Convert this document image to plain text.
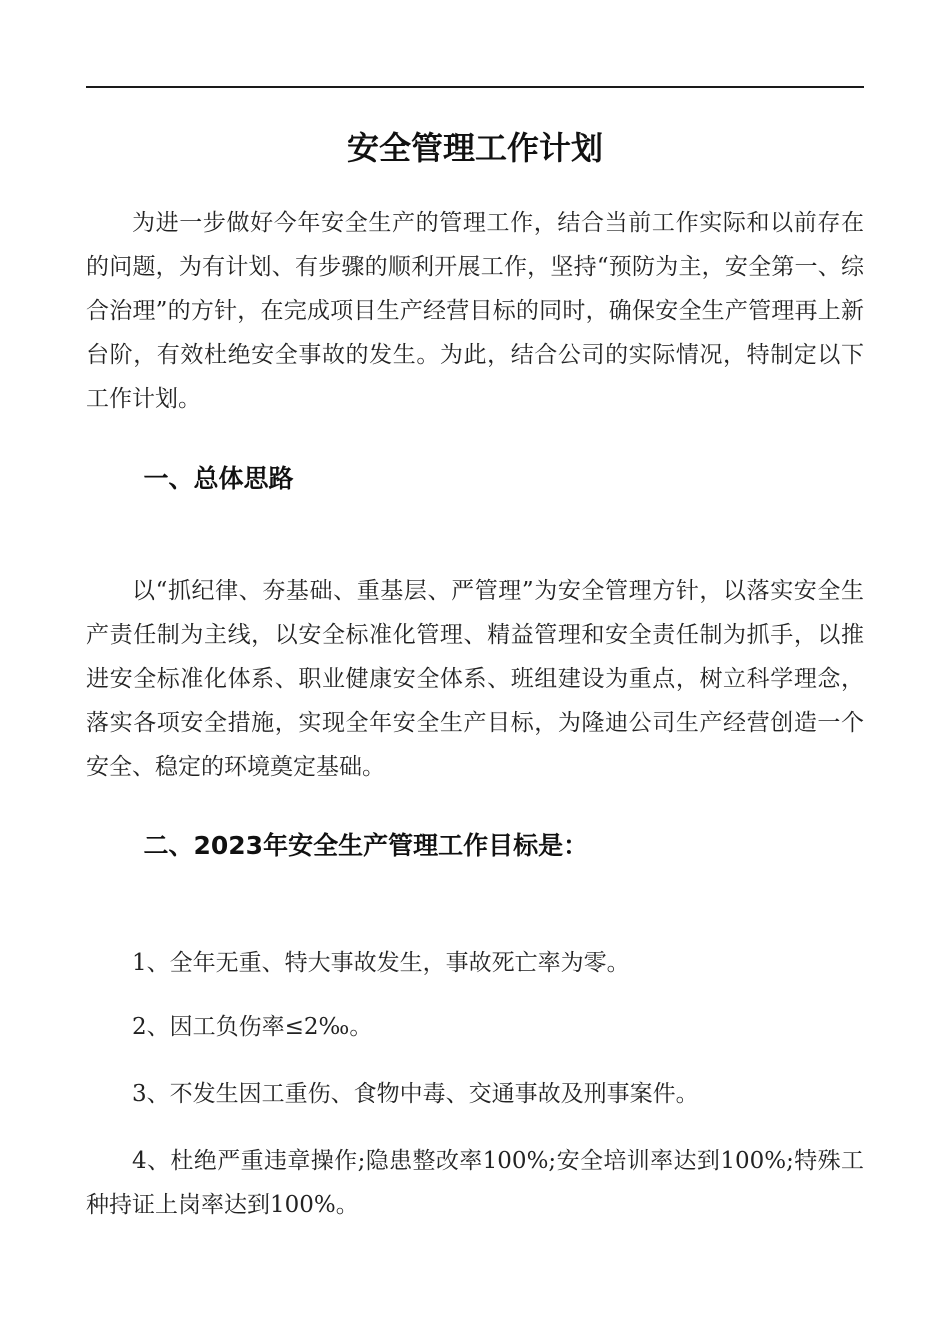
安全管理工作计划

为进一步做好今年安全生产的管理工作，结合当前工作实际和以前存在的问题，为有计划、有步骤的顺利开展工作，坚持“预防为主，安全第一、综合治理”的方针，在完成项目生产经营目标的同时，确保安全生产管理再上新台阶，有效杜绝安全事故的发生。为此，结合公司的实际情况，特制定以下工作计划。

一、总体思路

以“抓纪律、夯基础、重基层、严管理”为安全管理方针，以落实安全生产责任制为主线，以安全标准化管理、精益管理和安全责任制为抓手，以推进安全标准化体系、职业健康安全体系、班组建设为重点，树立科学理念，落实各项安全措施，实现全年安全生产目标，为隆迪公司生产经营创造一个安全、稳定的环境奠定基础。

二、2023年安全生产管理工作目标是：

1、全年无重、特大事故发生，事故死亡率为零。

2、因工负伤率≤2‰。

3、不发生因工重伤、食物中毒、交通事故及刑事案件。

4、杜绝严重违章操作;隐患整改率100%;安全培训率达到100%;特殊工种持证上岗率达到100%。
